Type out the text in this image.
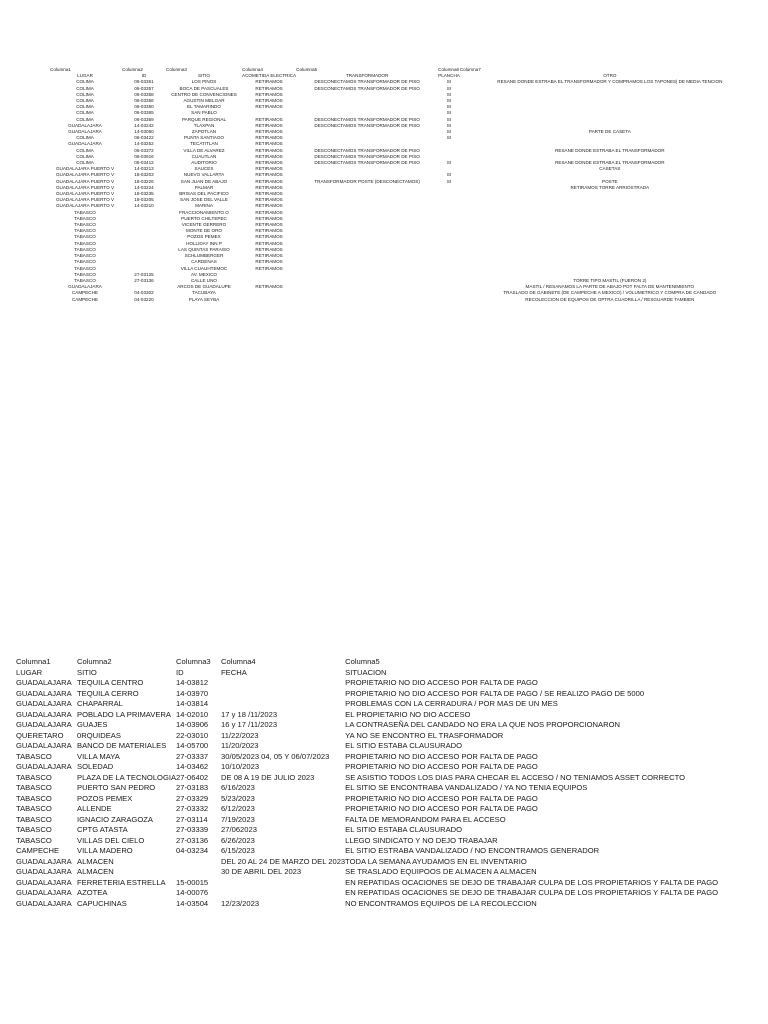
Columna1	Columna2	Columna3	Columna4	Columna5	Columna6	Columna7
LUGAR	ID	SITIO	ACOMETIDA ELECTRICA	TRANSFORMADOR	PLANCHA	OTRO
COLIMA	06-03361	LOS PINOS	RETIRAMOS	DESCONECTAMOS TRANSFORMADOR DE PISO	SI	RESANE DONDE ESTRABA EL TRANSFORMADOR Y COMPRAMOS LOS TAPONES| DE MEDIA TENCION
COLIMA	06-03357	BOCA DE PASCUALES	RETIRAMOS	DESCONECTAMOS TRANSFORMADOR DE PISO	SI	
COLIMA	06-03358	CENTRO DE CONVENCIONES	RETIRAMOS		SI	
COLIMA	06-03356	AGUSTIN MELGAR	RETIRAMOS		SI	
COLIMA	06-03350	EL TAMARINDO	RETIRAMOS		SI	
COLIMA	06-03365	SAN PABLO			SI	
COLIMA	06-03369	PARQUE REGIONAL	RETIRAMOS	DESCONECTAMOS TRANSFORMADOR DE PISO	SI	
GUADALAJARA	14-03242	TLAXPAN	RETIRAMOS	DESCONECTAMOS TRANSFORMADOR DE PISO	SI	
GUADALAJARA	14-03050	ZAPOTLAN	RETIRAMOS		SI	PARTE DE CASETA
COLIMA	06-03422	PUNTA SANTIAGO	RETIRAMOS		SI	
GUADALAJARA	14-03252	TECATITLAN	RETIRAMOS			
COLIMA	06-03372	VILLA DE ALVAREZ	RETIRAMOS	DESCONECTAMOS TRANSFORMADOR DE PISO		RESANE DONDE ESTRABA EL TRANSFORMADOR
COLIMA	06-03916	CUAUTLAN	RETIRAMOS	DESCONECTAMOS TRANSFORMADOR DE PISO		
COLIMA	06-03412	AUDITORIO	RETIRAMOS	DESCONECTAMOS TRANSFORMADOR DE PISO	SI	RESANE DONDE ESTRABA EL TRANSFORMADOR
GUADALAJARA PUERTO V	14-03213	SAUCES	RETIRAMOS			CASETAS
GUADALAJARA PUERTO V	18-03203	NUEVO VALLARTA	RETIRAMOS		SI	
GUADALAJARA PUERTO V	18-03226	SAN JUAN DE ABAJO	RETIRAMOS	TRANSFORMADOR POSTE (DESCONECTAMOS)	SI	POSTE
GUADALAJARA PUERTO V	14-03224	PALMAR	RETIRAMOS			RETIRAMOS TORRE ARRIOSTRADA
GUADALAJARA PUERTO V	18-03235	BRISAS DEL PACIFICO	RETIRAMOS			
GUADALAJARA PUERTO V	18-03205	SAN JOSE DEL VALLE	RETIRAMOS			
GUADALAJARA PUERTO V	14-03210	MARINA	RETIRAMOS			
TABASCO		FRACCIONAMIENTO O	RETIRAMOS			
TABASCO		PUERTO CHILTEPEC	RETIRAMOS			
TABASCO		VICENTE GERRERO	RETIRAMOS			
TABASCO		MONTE DE ORO	RETIRAMOS			
TABASCO		POZOS PEMEX	RETIRAMOS			
TABASCO		HOLLIDAY INN P	RETIRAMOS			
TABASCO		LAS QUINTAS PARAISO	RETIRAMOS			
TABASCO		SCHLUMBERGER	RETIRAMOS			
TABASCO		CARDENAS	RETIRAMOS			
TABASCO		VILLA CUAUHTEMOC	RETIRAMOS			
TABASCO	27-03125	AV. MEXICO				
TABASCO	27-03136	CALLE UNO				TORRE TIPO MASTIL (FUERON 2)
GUADALAJARA		ARCOS DE GUADALUPE	RETIRAMOS			MASTIL / RESANAMOS LA PARTE DE ABAJO POT FALTA DE MANTENIMIENTO
CAMPECHE	04-03302	TACUBAYA				TRASLADO DE GABINETE (DE CAMPECHE A MEXICO) / VOLUMETRICO Y COMPRA DE CANDADO
CAMPECHE	04-03220	PLAYA SEYBA				RECOLECCION DE EQUIPOS DE OPTRA CUADRILLA / RESGUARDE TAMBIEN
Columna1	Columna2	Columna3	Columna4	Columna5
LUGAR	SITIO	ID	FECHA	SITUACION
GUADALAJARA	TEQUILA CENTRO	14-03812		PROPIETARIO NO DIO ACCESO POR FALTA DE PAGO
GUADALAJARA	TEQUILA CERRO	14-03970		PROPIETARIO NO DIO ACCESO POR FALTA DE PAGO / SE REALIZO PAGO DE 5000
GUADALAJARA	CHAPARRAL	14-03814		PROBLEMAS CON LA CERRADURA / POR MAS DE UN MES
GUADALAJARA	POBLADO LA PRIMAVERA	14-02010	17 y 18 /11/2023	EL PROPIETARIO NO DIO ACCESO
GUADALAJARA	GUAJES	14-03906	16 y 17 /11/2023	LA CONTRASEÑA DEL CANDADO NO ERA LA QUE NOS PROPORCIONARON
QUERETARO	0RQUIDEAS	22-03010	11/22/2023	YA NO SE ENCONTRO EL TRASFORMADOR
GUADALAJARA	BANCO DE MATERIALES	14-05700	11/20/2023	EL SITIO ESTABA CLAUSURADO
TABASCO	VILLA MAYA	27-03337	30/05/2023 04, 05 Y 06/07/2023	PROPIETARIO NO DIO ACCESO POR FALTA DE PAGO
GUADALAJARA	SOLEDAD	14-03462	10/10/2023	PROPIETARIO NO DIO ACCESO POR FALTA DE PAGO
TABASCO	PLAZA DE LA TECNOLOGIA	27-06402	DE 08 A 19 DE JULIO 2023	SE ASISTIO TODOS LOS DIAS PARA CHECAR EL ACCESO / NO TENIAMOS ASSET CORRECTO
TABASCO	PUERTO SAN PEDRO	27-03183	6/16/2023	EL SITIO SE ENCONTRABA VANDALIZADO / YA NO TENIA EQUIPOS
TABASCO	POZOS PEMEX	27-03329	5/23/2023	PROPIETARIO NO DIO ACCESO POR FALTA DE PAGO
TABASCO	ALLENDE	27-03332	6/12/2023	PROPIETARIO NO DIO ACCESO POR FALTA DE PAGO
TABASCO	IGNACIO ZARAGOZA	27-03114	7/19/2023	FALTA DE MEMORANDOM PARA EL ACCESO
TABASCO	CPTG ATASTA	27-03339	27/062023	EL SITIO ESTABA CLAUSURADO
TABASCO	VILLAS DEL CIELO	27-03136	6/26/2023	LLEGO SINDICATO Y NO DEJO TRABAJAR
CAMPECHE	VILLA MADERO	04-03234	6/15/2023	EL SITIO ESTRABA VANDALIZADO / NO ENCONTRAMOS GENERADOR
GUADALAJARA	ALMACEN		DEL 20 AL 24 DE MARZO DEL 2023	TODA LA SEMANA AYUDAMOS EN EL INVENTARIO
GUADALAJARA	ALMACEN		30 DE ABRIL DEL 2023	SE TRASLADO EQUIPOOS DE ALMACEN A ALMACEN
GUADALAJARA	FERRETERIA ESTRELLA	15-00015		EN REPATIDAS OCACIONES SE DEJO DE TRABAJAR CULPA DE LOS PROPIETARIOS Y FALTA DE PAGO
GUADALAJARA	AZOTEA	14-00076		EN REPATIDAS OCACIONES SE DEJO DE TRABAJAR CULPA DE LOS PROPIETARIOS Y FALTA DE PAGO
GUADALAJARA	CAPUCHINAS	14-03504	12/23/2023	NO ENCONTRAMOS EQUIPOS DE LA RECOLECCION
